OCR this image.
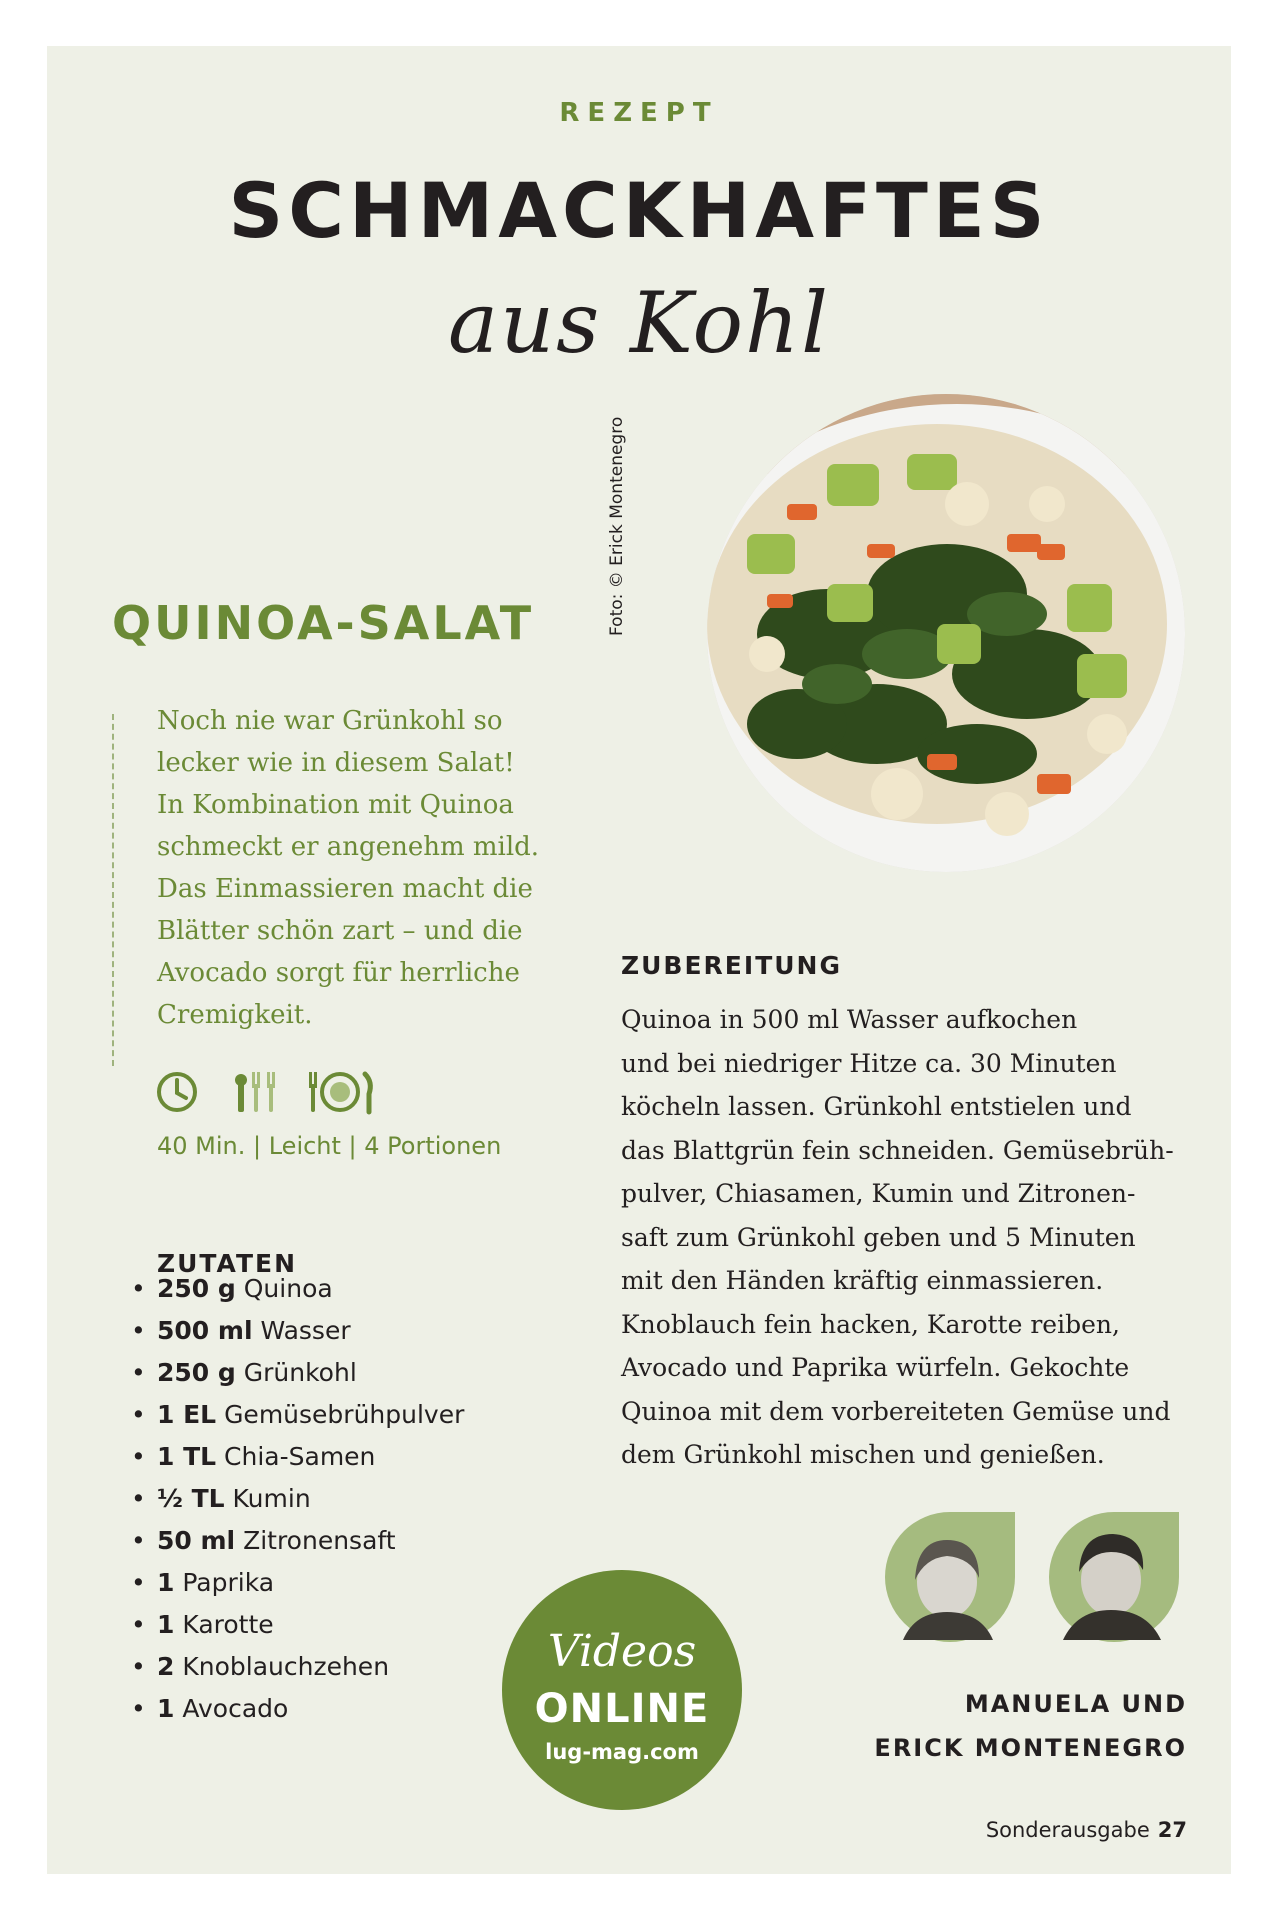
REZEPT
SCHMACKHAFTES
aus Kohl
Foto: © Erick Montenegro
QUINOA-SALAT
Noch nie war Grünkohl so
lecker wie in diesem Salat!
In Kombination mit Quinoa
schmeckt er angenehm mild.
Das Einmassieren macht die
Blätter schön zart – und die
Avocado sorgt für herrliche
Cremigkeit.
40 Min. | Leicht | 4 Portionen
ZUTATEN
• 250 g Quinoa
• 500 ml Wasser
• 250 g Grünkohl
• 1 EL Gemüsebrühpulver
• 1 TL Chia-Samen
• ½ TL Kumin
• 50 ml Zitronensaft
• 1 Paprika
• 1 Karotte
• 2 Knoblauchzehen
• 1 Avocado
ZUBEREITUNG
Quinoa in 500 ml Wasser aufkochen
und bei niedriger Hitze ca. 30 Minuten
köcheln lassen. Grünkohl entstielen und
das Blattgrün fein schneiden. Gemüsebrüh-
pulver, Chiasamen, Kumin und Zitronen-
saft zum Grünkohl geben und 5 Minuten
mit den Händen kräftig einmassieren.
Knoblauch fein hacken, Karotte reiben,
Avocado und Paprika würfeln. Gekochte
Quinoa mit dem vorbereiteten Gemüse und
dem Grünkohl mischen und genießen.
Videos
ONLINE
lug-mag.com
MANUELA UND
ERICK MONTENEGRO
Sonderausgabe 27
